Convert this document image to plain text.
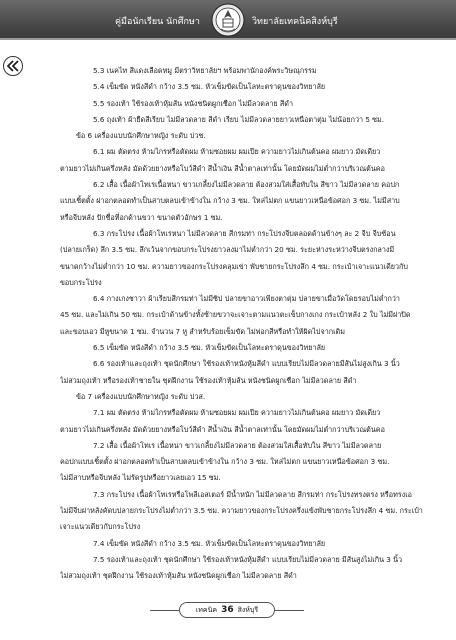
คู่มือนักเรียน นักศึกษา	วิทยาลัยเทคนิคสิงห์บุรี
5.3 เนคไท สีแดงเลือดหมู มีตราวิทยาลัยฯ พร้อมพานักองค์พระวิษณุกรรม
5.4 เข็มขัด หนังสีดำ กว้าง 3.5 ซม. หัวเข็มขัดเป็นโลหะตราดุนของวิทยาลัย
5.5 รองเท้า ใช้รองเท้าหุ้มส้น หนังชนิดผูกเชือก ไม่มีลวดลาย สีดำ
5.6 ถุงเท้า ผ้ายืดสีเรียบ ไม่มีลวดลาย สีดำ เรียบ ไม่มีลวดลายยาวเหนือตาตุ่ม ไม่น้อยกว่า 5 ซม.
ข้อ 6 เครื่องแบบนักศึกษาหญิง ระดับ ปวช.
6.1 ผม ตัดตรง ห้ามไกรหรือตัดผม ห้ามซอยผม ผมเปีย ความยาวไม่เกินต้นคอ ผมยาว มัดเดียว
ตามยาวไม่เกินครึ่งหลัง มัดด้วยยางหรือโบว์สีดำ สีน้ำเงิน สีน้ำตาลเท่านั้น โดยมัดผมไม่ต่ำกว่าบริเวณต้นคอ
6.2 เสื้อ เนื้อผ้าโทเรเนื้อหนา ขาวเกลี้ยงไม่มีลวดลาย ต้องสวมใส่เสื้อทับใน สีขาว ไม่มีลวดลาย คอปก
แบบเชิ้ตตั้ง ผ่าอกตลอดทำเป็นสาบตลบเข้าข้างใน กว้าง 3 ซม. ใหล่ไม่ตก แขนยาวเหนือข้อศอก 3 ซม. ไม่มีสาบ
หรือจีบหลัง ปักชื่อที่อกด้านขวา ขนาดตัวอักษร 1 ซม.
6.3 กระโปรง เนื้อผ้าโทเรหนา ไม่มีลวดลาย สีกรมท่า กระโปรงจีบตลอดด้านข้างๆ ละ 2 จีบ จีบซ้อน
(ปลายเกร็ด) ลึก 3.5 ซม. ลึกเว้นจากขอบกระโปรงยาวลงมาไม่ต่ำกว่า 20 ซม. ระยะห่างระหว่างจีบตรงกลางมี
ขนาดกว้างไม่ต่ำกว่า 10 ซม. ความยาวของกระโปรงคลุมเข่า พับชายกระโปรงลึก 4 ซม. กระเป๋าเจาะแนวเดียวกับ
ขอบกระโปรง
6.4 กางเกงชาวา ผ้าเรียบสีกรมท่า ไม่มีซิป ปลายขาอาวเพียงตาตุ่ม ปลายขาเมื่อวัดโดยรอบไม่ต่ำกว่า
45 ซม. และไม่เกิน 50 ซม. กระเป๋าด้านข้างทั้งซ้ายขวาจะเจาะตามแนวตะเข็บกางเกง กระเป๋าหลัง 2 ใบ ไม่มีฝาปิด
และขอบเอว มีหูขนาด 1 ซม. จำนวน 7 หู สำหรับร้อยเข็มขัด ไม่พ่อกสีหรือทำให้ผิดไปจากเดิม
6.5 เข็มขัด หนังสีดำ กว้าง 3.5 ซม. หัวเข็มขัดเป็นโลหะตราดุนของวิทยาลัย
6.6 รองเท้าและถุงเท้า ชุดนักศึกษา ใช้รองเท้าหนังหุ้มสีดำ แบบเรียบไม่มีลวดลายมีส้นไม่สูงเกิน 3 นิ้ว
ไม่สวมถุงเท้า หรือรองเท้าชายใน ชุดฝึกงาน ใช้รองเท้าหุ้มส้น หนังชนิดผูกเชือก ไม่มีลวดลาย สีดำ
ข้อ 7 เครื่องแบบนักศึกษาหญิง ระดับ ปวส.
7.1 ผม ตัดตรง ห้ามไกรหรือตัดผม ห้ามซอยผม ผมเปีย ความยาวไม่เกินต้นคอ ผมยาว มัดเดียว
ตามยาวไม่เกินครึ่งหลัง มัดด้วยยางหรือโบว์สีดำ สีน้ำเงิน สีน้ำตาลเท่านั้น โดยมัดผมไม่ต่ำกว่าบริเวณต้นคอ
7.2 เสื้อ เนื้อผ้าโทเร เนื้อหนา ขาวเกลี้ยงไม่มีลวดลาย ต้องสวมใส่เสื้อทับใน สีขาว ไม่มีลวดลาย
คอปกแบบเชิ้ตตั้ง ผ่าอกตลอดทำเป็นสาบตลบเข้าข้างใน กว้าง 3 ซม. ใหล่ไม่ตก แขนยาวเหนือข้อศอก 3 ซม.
ไม่มีสาบหรือจีบหลัง ไม่รัดรูปหรือยาวเลยเอว 15 ซม.
7.3 กระโปรง เนื้อผ้าโทเรหรือโพลีเอสเตอร์ มีน้ำหนัก ไม่มีลวดลาย สีกรมท่า กระโปรงทรงตรง หรือทรงเอ
ไม่มีจีบผ่าหลังคัดบปลายกระโปรงไม่ต่ำกว่า 3.5 ซม. ความยาวของกระโปรงครึ่งแข้งพับชายกระโปรงลึก 4 ซม. กระเป๋า
เจาะแนวเดียวกับกระโปรง
7.4 เข็มขัด หนังสีดำ กว้าง 3.5 ซม. หัวเข็มขัดเป็นโลหะตราดุนของวิทยาลัย
7.5 รองเท้าและถุงเท้า ชุดนักศึกษา ใช้รองเท้าหนังหุ้มสีดำ แบบเรียบไม่มีลวดลาย มีส้นสูงไม่เกิน 3 นิ้ว
ไม่สวมถุงเท้า ชุดฝึกงาน ใช้รองเท้าหุ้มส้น หนังชนิดผูกเชือก ไม่มีลวดลาย สีดำ
เทคนิค 36 สิงห์บุรี
